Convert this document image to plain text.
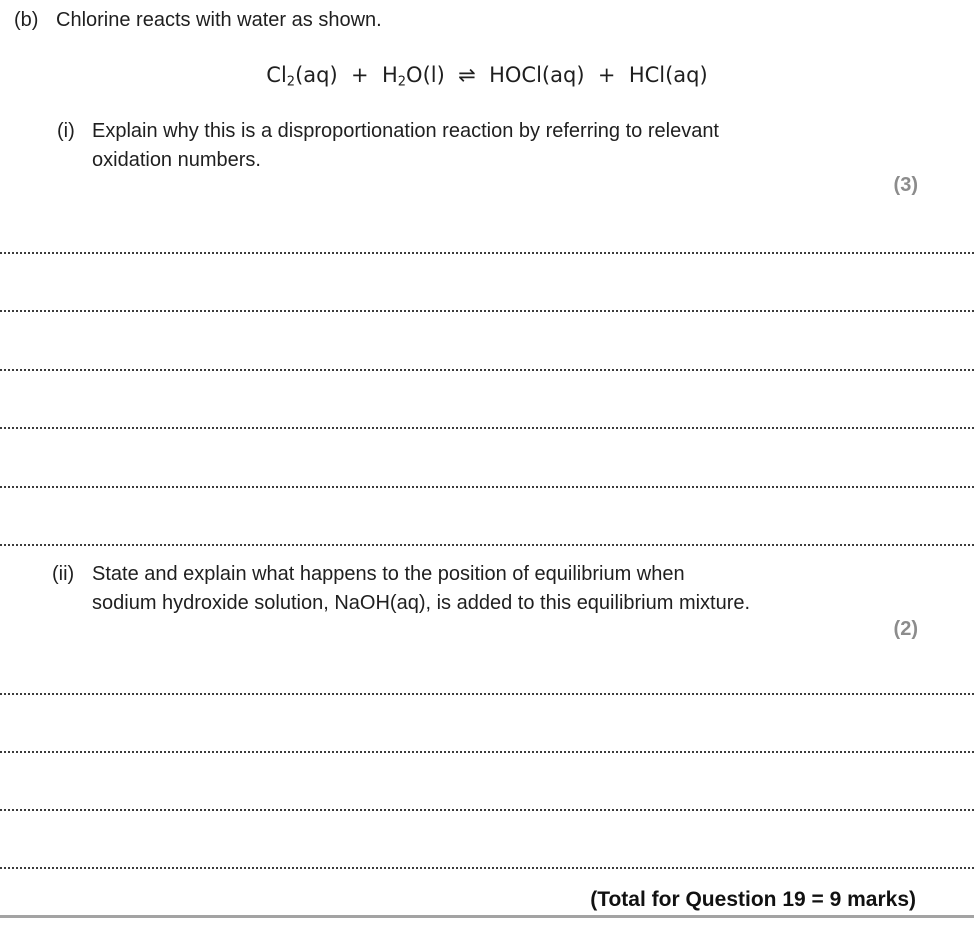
(b) Chlorine reacts with water as shown.
$Cl_2(aq) + H_2O(l)$  ⇌  HOCl(aq)  +  HCl(aq)
(i) Explain why this is a disproportionation reaction by referring to relevant
oxidation numbers.
(3)
(ii) State and explain what happens to the position of equilibrium when
sodium hydroxide solution, NaOH(aq), is added to this equilibrium mixture.
(2)
(Total for Question 19 = 9 marks)
